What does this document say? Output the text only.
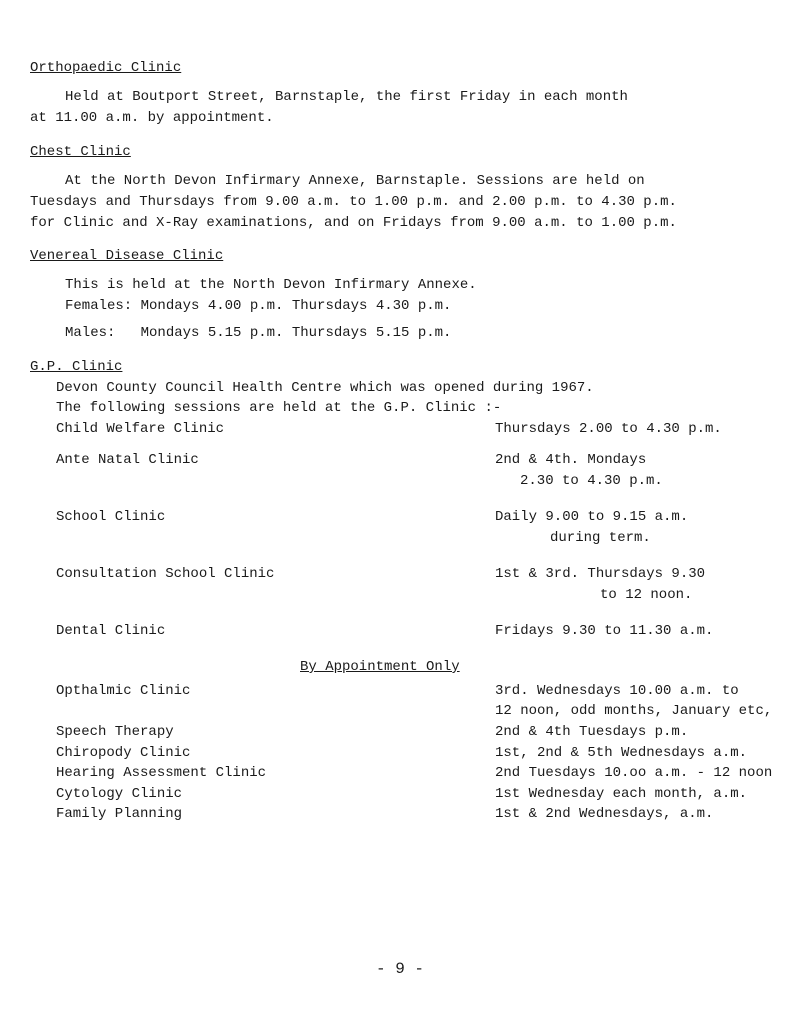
Orthopaedic Clinic
Held at Boutport Street, Barnstaple, the first Friday in each month
at 11.00 a.m. by appointment.
Chest Clinic
At the North Devon Infirmary Annexe, Barnstaple. Sessions are held on
Tuesdays and Thursdays from 9.00 a.m. to 1.00 p.m. and 2.00 p.m. to 4.30 p.m.
for Clinic and X-Ray examinations, and on Fridays from 9.00 a.m. to 1.00 p.m.
Venereal Disease Clinic
This is held at the North Devon Infirmary Annexe.
Females: Mondays 4.00 p.m. Thursdays 4.30 p.m.
Males:   Mondays 5.15 p.m. Thursdays 5.15 p.m.
G.P. Clinic
Devon County Council Health Centre which was opened during 1967.
The following sessions are held at the G.P. Clinic :-
Child Welfare Clinic	Thursdays 2.00 to 4.30 p.m.
Ante Natal Clinic	2nd & 4th. Mondays
2.30 to 4.30 p.m.
School Clinic	Daily 9.00 to 9.15 a.m.
during term.
Consultation School Clinic	1st & 3rd. Thursdays 9.30
to 12 noon.
Dental Clinic	Fridays 9.30 to 11.30 a.m.
By Appointment Only
Opthalmic Clinic	3rd. Wednesdays 10.00 a.m. to
12 noon, odd months, January etc,
Speech Therapy	2nd & 4th Tuesdays p.m.
Chiropody Clinic	1st, 2nd & 5th Wednesdays a.m.
Hearing Assessment Clinic	2nd Tuesdays 10.oo a.m. - 12 noon
Cytology Clinic	1st Wednesday each month, a.m.
Family Planning	1st & 2nd Wednesdays, a.m.
- 9 -
